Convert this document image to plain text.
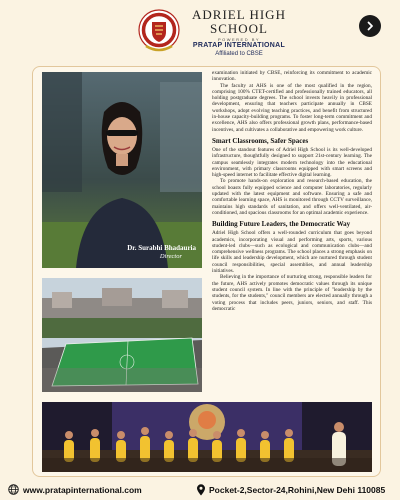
ADRIEL HIGH
SCHOOL
POWERED BY
PRATAP INTERNATIONAL
Affiliated to CBSE
Dr. Surabhi Bhadauria
Director

examination initiated by CBSE, reinforcing its commitment to academic innovation.

The faculty at AHS is one of the most qualified in the region, comprising 100% CTET-certified and professionally trained educators, all holding postgraduate degrees. The school invests heavily in professional development, ensuring that teachers participate annually in CBSE workshops, adopt evolving teaching practices, and benefit from structured in-house capacity-building programs. To foster long-term commitment and excellence, AHS also offers professional growth plans, performance-based incentives, and cultivates a collaborative and empowering work culture.

Smart Classrooms, Safer Spaces

One of the standout features of Adriel High School is its well-developed infrastructure, thoughtfully designed to support 21st-century learning. The campus seamlessly integrates modern technology into the educational environment, with primary classrooms equipped with smart screens and high-speed internet to facilitate effective digital learning.

To promote hands-on exploration and research-based education, the school boasts fully equipped science and computer laboratories, regularly updated with the latest equipment and software. Ensuring a safe and comfortable learning space, AHS is monitored through CCTV surveillance, maintains high standards of sanitation, and offers well-ventilated, air-conditioned, and spacious classrooms for an optimal academic experience.

Building Future Leaders, the Democratic Way

Adriel High School offers a well-rounded curriculum that goes beyond academics, incorporating visual and performing arts, sports, various student-led clubs—such as ecological and communication clubs—and comprehensive wellness programs. The school places a strong emphasis on life skills and leadership development, which are nurtured through student council responsibilities, special assemblies, and annual leadership initiatives.

Believing in the importance of nurturing strong, responsible leaders for the future, AHS actively promotes democratic values through its unique student council system. In line with the principle of "leadership by the students, for the students," council members are elected annually through a voting process that includes peers, juniors, seniors, and staff. This democratic

www.pratapinternational.com	Pocket-2,Sector-24,Rohini,New Dehi 110085
